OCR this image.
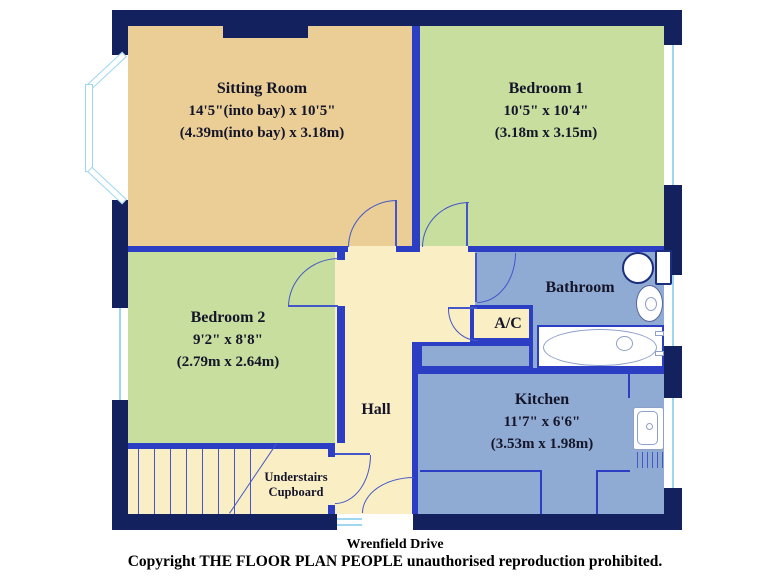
Sitting Room
14'5"(into bay) x 10'5"
(4.39m(into bay) x 3.18m)
Bedroom 1
10'5" x 10'4"
(3.18m x 3.15m)
Bedroom 2
9'2" x 8'8"
(2.79m x 2.64m)
Kitchen
11'7" x 6'6"
(3.53m x 1.98m)
Bathroom
A/C
Hall
Understairs
Cupboard
Wrenfield Drive
Copyright THE FLOOR PLAN PEOPLE unauthorised reproduction prohibited.
